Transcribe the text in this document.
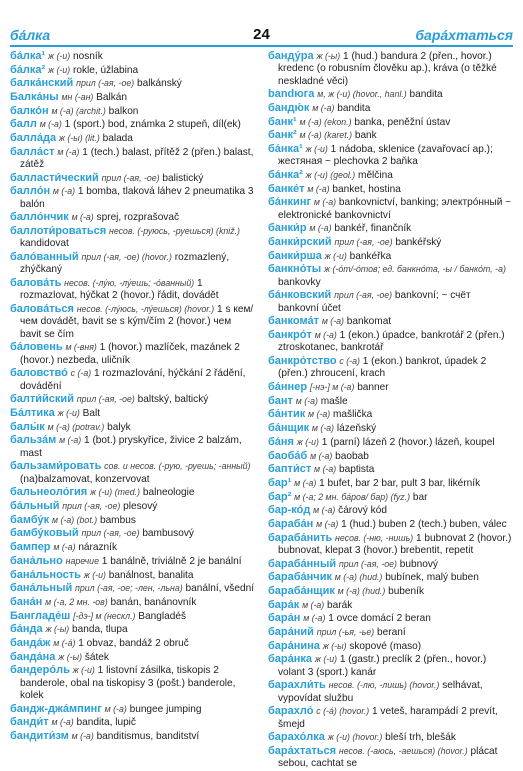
ба́лка	24	бара́хтаться
ба́лка¹ ж (-и) nosník
ба́лка² ж (-и) rokle, úžlabina
балка́нский прил (-ая, -ое) balkánský
Балка́ны мн (-ан) Balkán
балко́н м (-а) (archit.) balkon
балл м (-а) 1 (sport.) bod, známka 2 stupeň, díl(ek)
балла́да ж (-ы) (lit.) balada
балла́ст м (-а) 1 (tech.) balast, přítěž 2 (přen.) balast, zátěž
балласти́ческий прил (-ая, -ое) balistický
балло́н м (-а) 1 bomba, tlaková láhev 2 pneumatika 3 balón
балло́нчик м (-а) sprej, rozprašovač
баллоти́роваться несов. (-руюсь, -руешься) (kniž.) kandidovat
бало́ванный прил (-ая, -ое) (hovor.) rozmazlený, zhýčkaný
балова́ть несов. (-лу́ю, -лу́ешь; -о́ванный) 1 rozmazlovat, hýčkat 2 (hovor.) řádit, dovádět
балова́ться несов. (-лу́юсь, -лу́ешься) (hovor.) 1 s кем/чем dovádět, bavit se s kým/čím 2 (hovor.) чем bavit se čím
ба́ловень м (-вня) 1 (hovor.) mazlíček, mazánek 2 (hovor.) nezbeda, uličník
баловство́ с (-а) 1 rozmazlování, hýčkání 2 řádění, dovádění
балти́йский прил (-ая, -ое) baltský, baltický
Ба́лтика ж (-и) Balt
балы́к м (-а) (potrav.) balyk
бальза́м м (-а) 1 (bot.) pryskyřice, živice 2 balzám, mast
бальзами́ровать сов. и несов. (-рую, -руешь; -анный) (na)balzamovat, konzervovat
бальнеоло́гия ж (-и) (med.) balneologie
ба́льный прил (-ая, -ое) plesový
бамбу́к м (-а) (bot.) bambus
бамбу́ковый прил (-ая, -ое) bambusový
бампер м (-а) nárazník
бана́льно наречие 1 banálně, triviálně 2 je banální
бана́льность ж (-и) banálnost, banalita
бана́льный прил (-ая, -ое; -лен, -льна) banální, všední
бана́н м (-а, 2 мн. -ов) banán, banánovník
Бангладе́ш [-дэ-] м (нескл.) Bangladéš
ба́нда ж (-ы) banda, tlupa
банда́ж м (-а́) 1 obvaz, bandáž 2 obruč
банда́на ж (-ы) šátek
бандеро́ль ж (-и) 1 listovní zásilka, tiskopis 2 banderole, obal na tiskopisy 3 (pošt.) banderole, kolek
бандж-джа́мпинг м (-а) bungee jumping
банди́т м (-а) bandita, lupič
бандити́зм м (-а) banditismus, banditství
банду́ра ж (-ы) 1 (hud.) bandura 2 (přen., hovor.) kredenc (o robusním člověku ap.), kráva (o těžké neskladné věci)
bandюга м, ж (-и) (hovor., hanl.) bandita
бандю́к м (-а) bandita
банк¹ м (-а) (ekon.) banka, peněžní ústav
банк² м (-а) (karet.) bank
ба́нка¹ ж (-и) 1 nádoba, sklenice (zavařovací ap.); жестяная ~ plechovka 2 baňka
ба́нка² ж (-и) (geol.) mělčina
банке́т м (-а) banket, hostina
ба́нкинг м (-а) bankovnictví, banking; электро́нный ~ elektronické bankovnictví
банки́р м (-а) bankéř, finančník
банки́рский прил (-ая, -ое) bankéřský
банки́рша ж (-и) bankéřka
банкно́ты ж (-о́т/-о́тов; ед. банкно́та, -ы / банко́т, -а) bankovky
ба́нковский прил (-ая, -ое) bankovní; ~ счёт bankovní účet
банкома́т м (-а) bankomat
банкро́т м (-а) 1 (ekon.) úpadce, bankrotář 2 (přen.) ztroskotanec, bankrotář
банкро́тство с (-а) 1 (ekon.) bankrot, úpadek 2 (přen.) zhroucení, krach
ба́ннер [-нэ-] м (-а) banner
бант м (-а) mašle
ба́нтик м (-а) mašlička
ба́нщик м (-а) lázeňský
ба́ня ж (-и) 1 (parní) lázeň 2 (hovor.) lázeň, koupel
баоба́б м (-а) baobab
бапти́ст м (-а) baptista
бар¹ м (-а) 1 bufet, bar 2 bar, pult 3 bar, likérník
бар² м (-а; 2 мн. ба́ров/ бар) (fyz.) bar
бар-ко́д м (-а) čárový kód
бараба́н м (-а) 1 (hud.) buben 2 (tech.) buben, válec
бараба́нить несов. (-ню, -нишь) 1 bubnovat 2 (hovor.) bubnovat, klepat 3 (hovor.) brebentit, repetit
бараба́нный прил (-ая, -ое) bubnový
бараба́нчик м (-а) (hud.) bubínek, malý buben
бараба́нщик м (-а) (hud.) bubeník
бара́к м (-а) barák
бара́н м (-а) 1 ovce domácí 2 beran
бара́ний прил (-ья, -ье) beraní
бара́нина ж (-ы) skopové (maso)
бара́нка ж (-и) 1 (gastr.) preclík 2 (přen., hovor.) volant 3 (sport.) kanár
барахли́ть несов. (-лю, -лишь) (hovor.) selhávat, vypovídat službu
барахло́ с (-а́) (hovor.) 1 veteš, harampádí 2 prevít, šmejd
барахо́лка ж (-и) (hovor.) bleší trh, blešák
бара́хтаться несов. (-аюсь, -аешься) (hovor.) plácat sebou, cachtat se
